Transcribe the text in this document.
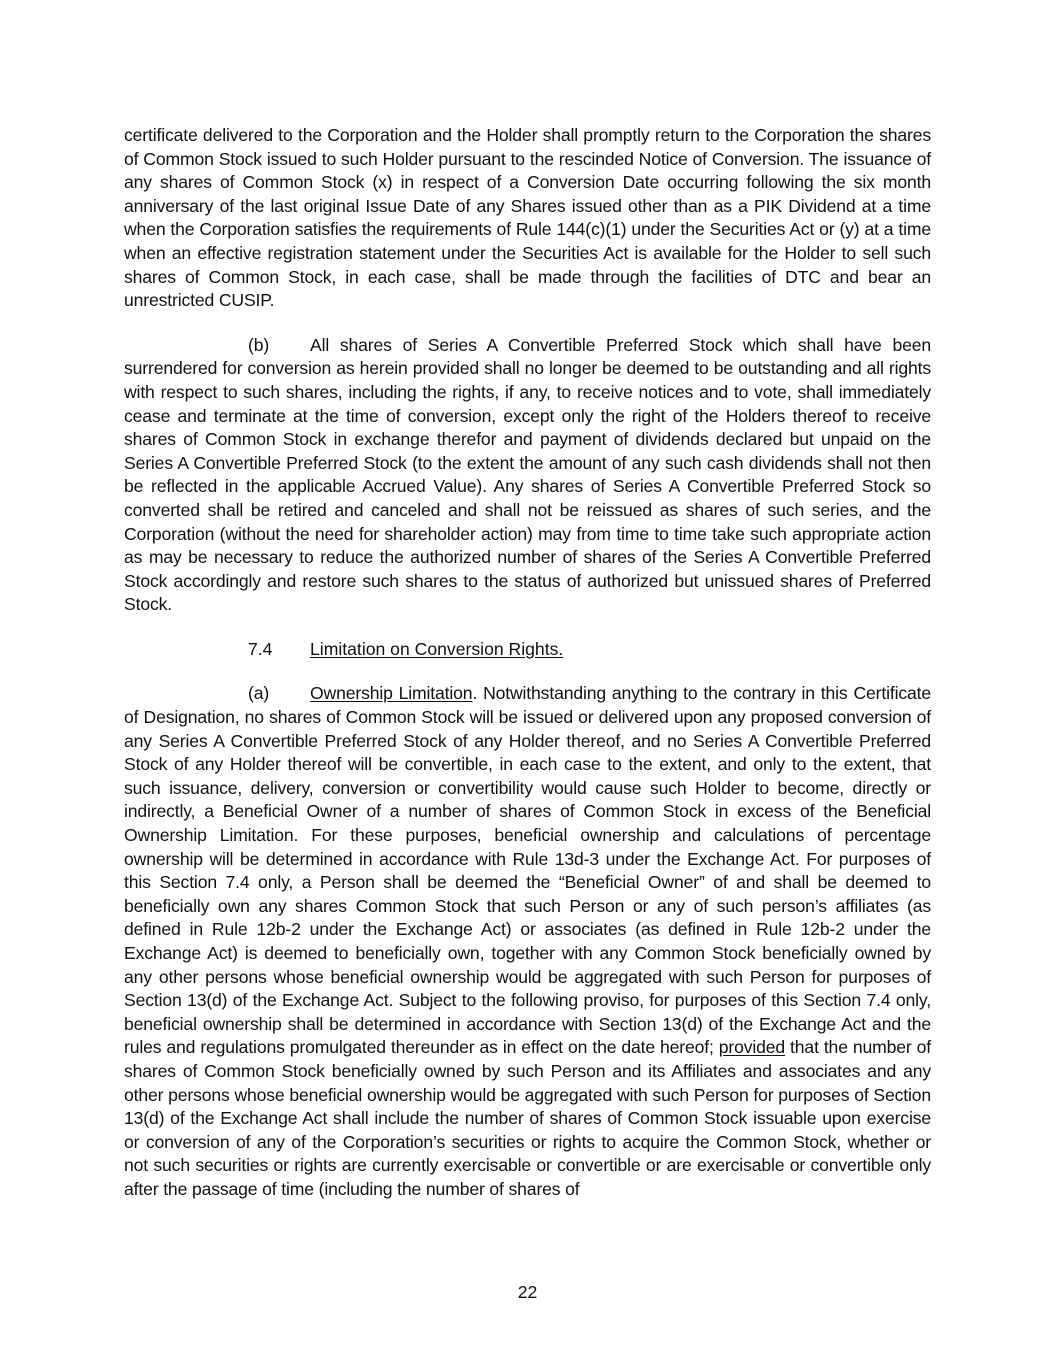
certificate delivered to the Corporation and the Holder shall promptly return to the Corporation the shares of Common Stock issued to such Holder pursuant to the rescinded Notice of Conversion. The issuance of any shares of Common Stock (x) in respect of a Conversion Date occurring following the six month anniversary of the last original Issue Date of any Shares issued other than as a PIK Dividend at a time when the Corporation satisfies the requirements of Rule 144(c)(1) under the Securities Act or (y) at a time when an effective registration statement under the Securities Act is available for the Holder to sell such shares of Common Stock, in each case, shall be made through the facilities of DTC and bear an unrestricted CUSIP.

(b) All shares of Series A Convertible Preferred Stock which shall have been surrendered for conversion as herein provided shall no longer be deemed to be outstanding and all rights with respect to such shares, including the rights, if any, to receive notices and to vote, shall immediately cease and terminate at the time of conversion, except only the right of the Holders thereof to receive shares of Common Stock in exchange therefor and payment of dividends declared but unpaid on the Series A Convertible Preferred Stock (to the extent the amount of any such cash dividends shall not then be reflected in the applicable Accrued Value). Any shares of Series A Convertible Preferred Stock so converted shall be retired and canceled and shall not be reissued as shares of such series, and the Corporation (without the need for shareholder action) may from time to time take such appropriate action as may be necessary to reduce the authorized number of shares of the Series A Convertible Preferred Stock accordingly and restore such shares to the status of authorized but unissued shares of Preferred Stock.

7.4 Limitation on Conversion Rights.

(a) Ownership Limitation. Notwithstanding anything to the contrary in this Certificate of Designation, no shares of Common Stock will be issued or delivered upon any proposed conversion of any Series A Convertible Preferred Stock of any Holder thereof, and no Series A Convertible Preferred Stock of any Holder thereof will be convertible, in each case to the extent, and only to the extent, that such issuance, delivery, conversion or convertibility would cause such Holder to become, directly or indirectly, a Beneficial Owner of a number of shares of Common Stock in excess of the Beneficial Ownership Limitation. For these purposes, beneficial ownership and calculations of percentage ownership will be determined in accordance with Rule 13d-3 under the Exchange Act. For purposes of this Section 7.4 only, a Person shall be deemed the “Beneficial Owner” of and shall be deemed to beneficially own any shares Common Stock that such Person or any of such person’s affiliates (as defined in Rule 12b-2 under the Exchange Act) or associates (as defined in Rule 12b-2 under the Exchange Act) is deemed to beneficially own, together with any Common Stock beneficially owned by any other persons whose beneficial ownership would be aggregated with such Person for purposes of Section 13(d) of the Exchange Act. Subject to the following proviso, for purposes of this Section 7.4 only, beneficial ownership shall be determined in accordance with Section 13(d) of the Exchange Act and the rules and regulations promulgated thereunder as in effect on the date hereof; provided that the number of shares of Common Stock beneficially owned by such Person and its Affiliates and associates and any other persons whose beneficial ownership would be aggregated with such Person for purposes of Section 13(d) of the Exchange Act shall include the number of shares of Common Stock issuable upon exercise or conversion of any of the Corporation’s securities or rights to acquire the Common Stock, whether or not such securities or rights are currently exercisable or convertible or are exercisable or convertible only after the passage of time (including the number of shares of

22
